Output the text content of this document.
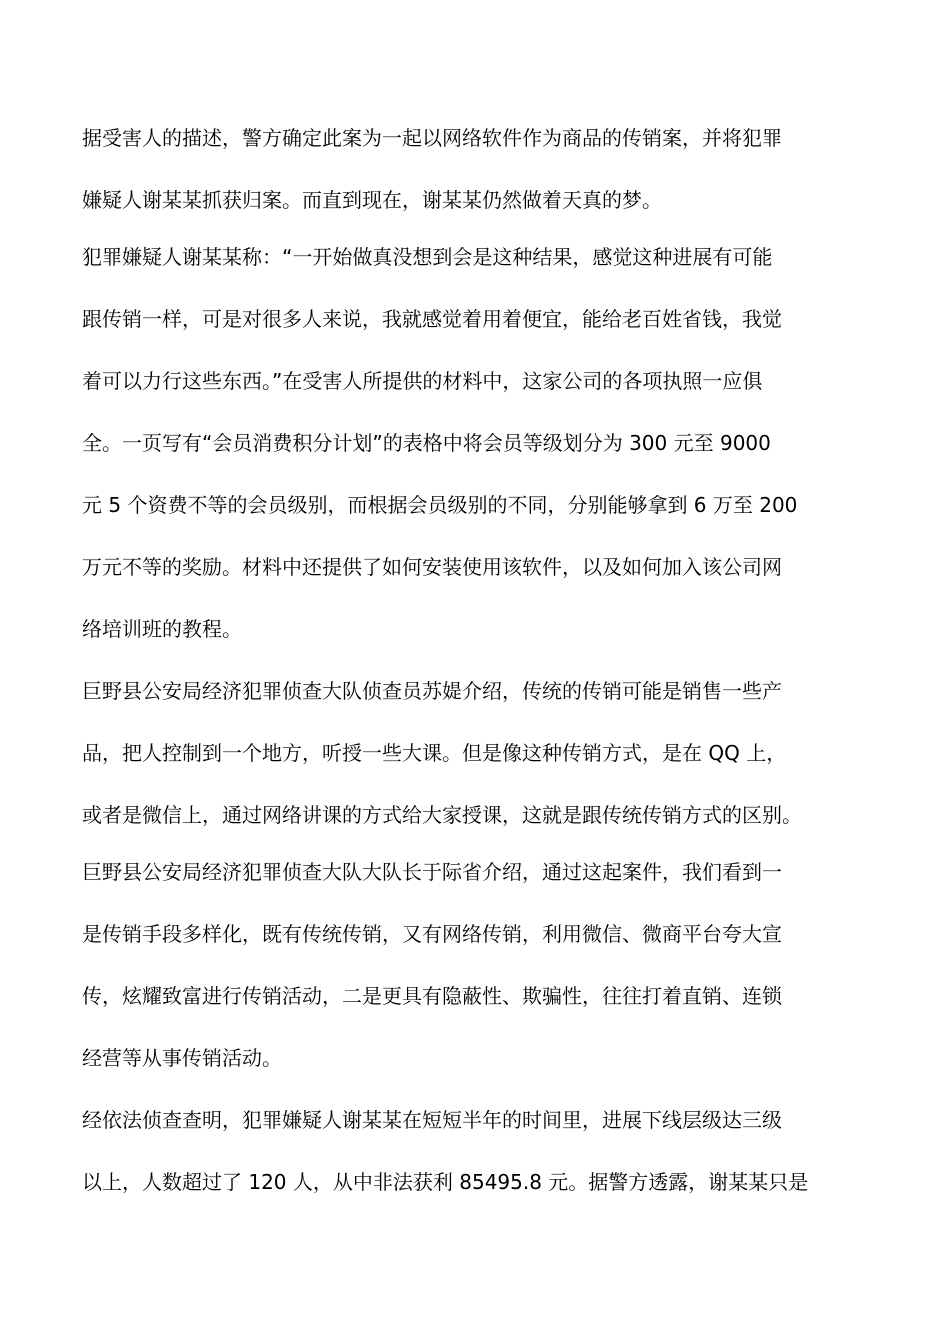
据受害人的描述，警方确定此案为一起以网络软件作为商品的传销案，并将犯罪
嫌疑人谢某某抓获归案。而直到现在，谢某某仍然做着天真的梦。
犯罪嫌疑人谢某某称：“一开始做真没想到会是这种结果，感觉这种进展有可能
跟传销一样，可是对很多人来说，我就感觉着用着便宜，能给老百姓省钱，我觉
着可以力行这些东西。”在受害人所提供的材料中，这家公司的各项执照一应俱
全。一页写有“会员消费积分计划”的表格中将会员等级划分为 300 元至 9000
元 5 个资费不等的会员级别，而根据会员级别的不同，分别能够拿到 6 万至 200
万元不等的奖励。材料中还提供了如何安装使用该软件，以及如何加入该公司网
络培训班的教程。
巨野县公安局经济犯罪侦查大队侦查员苏媞介绍，传统的传销可能是销售一些产
品，把人控制到一个地方，听授一些大课。但是像这种传销方式，是在 QQ 上，
或者是微信上，通过网络讲课的方式给大家授课，这就是跟传统传销方式的区别。
巨野县公安局经济犯罪侦查大队大队长于际省介绍，通过这起案件，我们看到一
是传销手段多样化，既有传统传销，又有网络传销，利用微信、微商平台夸大宣
传，炫耀致富进行传销活动，二是更具有隐蔽性、欺骗性，往往打着直销、连锁
经营等从事传销活动。
经依法侦查查明，犯罪嫌疑人谢某某在短短半年的时间里，进展下线层级达三级
以上，人数超过了 120 人，从中非法获利 85495.8 元。据警方透露，谢某某只是
